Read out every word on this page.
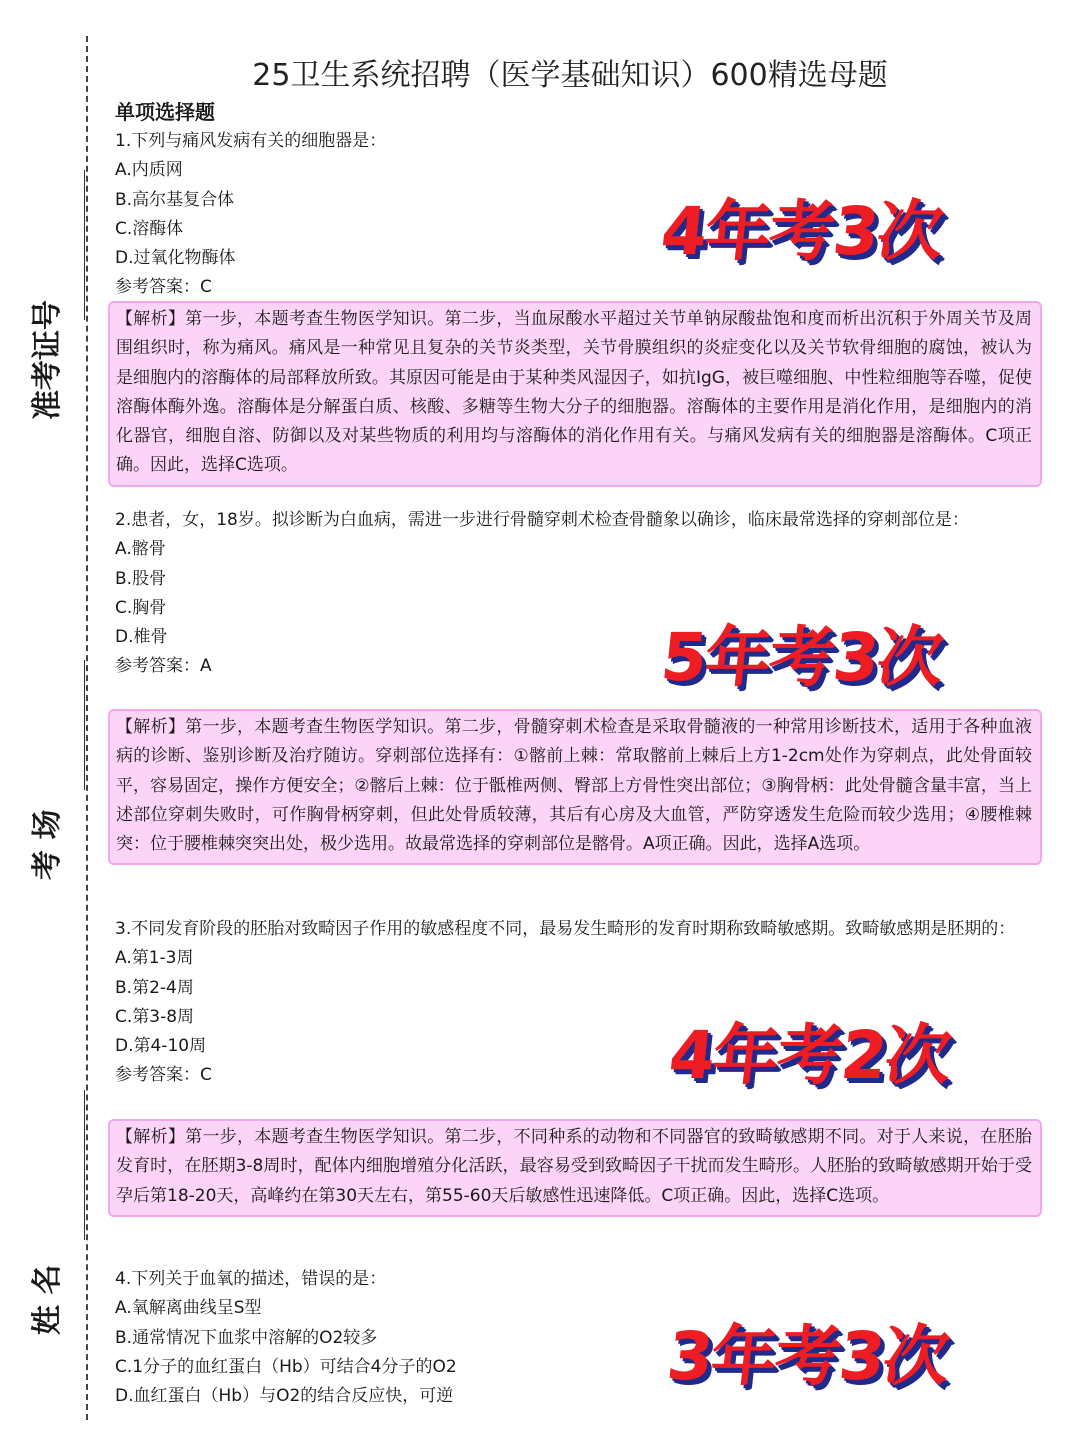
准考证号
考 场
姓 名
25卫生系统招聘（医学基础知识）600精选母题
单项选择题
1.下列与痛风发病有关的细胞器是：
A.内质网
B.高尔基复合体
C.溶酶体
D.过氧化物酶体
参考答案：C
【解析】第一步，本题考查生物医学知识。第二步，当血尿酸水平超过关节单钠尿酸盐饱和度而析出沉积于外周关节及周围组织时，称为痛风。痛风是一种常见且复杂的关节炎类型，关节骨膜组织的炎症变化以及关节软骨细胞的腐蚀，被认为是细胞内的溶酶体的局部释放所致。其原因可能是由于某种类风湿因子，如抗IgG，被巨噬细胞、中性粒细胞等吞噬，促使溶酶体酶外逸。溶酶体是分解蛋白质、核酸、多糖等生物大分子的细胞器。溶酶体的主要作用是消化作用，是细胞内的消化器官，细胞自溶、防御以及对某些物质的利用均与溶酶体的消化作用有关。与痛风发病有关的细胞器是溶酶体。C项正确。因此，选择C选项。
4年考3次
2.患者，女，18岁。拟诊断为白血病，需进一步进行骨髓穿刺术检查骨髓象以确诊，临床最常选择的穿刺部位是：
A.髂骨
B.股骨
C.胸骨
D.椎骨
参考答案：A
【解析】第一步，本题考查生物医学知识。第二步，骨髓穿刺术检查是采取骨髓液的一种常用诊断技术，适用于各种血液病的诊断、鉴别诊断及治疗随访。穿刺部位选择有：①髂前上棘：常取髂前上棘后上方1-2cm处作为穿刺点，此处骨面较平，容易固定，操作方便安全；②髂后上棘：位于骶椎两侧、臀部上方骨性突出部位；③胸骨柄：此处骨髓含量丰富，当上述部位穿刺失败时，可作胸骨柄穿刺，但此处骨质较薄，其后有心房及大血管，严防穿透发生危险而较少选用；④腰椎棘突：位于腰椎棘突突出处，极少选用。故最常选择的穿刺部位是髂骨。A项正确。因此，选择A选项。
5年考3次
3.不同发育阶段的胚胎对致畸因子作用的敏感程度不同，最易发生畸形的发育时期称致畸敏感期。致畸敏感期是胚期的：
A.第1-3周
B.第2-4周
C.第3-8周
D.第4-10周
参考答案：C
【解析】第一步，本题考查生物医学知识。第二步，不同种系的动物和不同器官的致畸敏感期不同。对于人来说，在胚胎发育时，在胚期3-8周时，配体内细胞增殖分化活跃，最容易受到致畸因子干扰而发生畸形。人胚胎的致畸敏感期开始于受孕后第18-20天，高峰约在第30天左右，第55-60天后敏感性迅速降低。C项正确。因此，选择C选项。
4年考2次
4.下列关于血氧的描述，错误的是：
A.氧解离曲线呈S型
B.通常情况下血浆中溶解的O2较多
C.1分子的血红蛋白（Hb）可结合4分子的O2
D.血红蛋白（Hb）与O2的结合反应快，可逆
3年考3次
